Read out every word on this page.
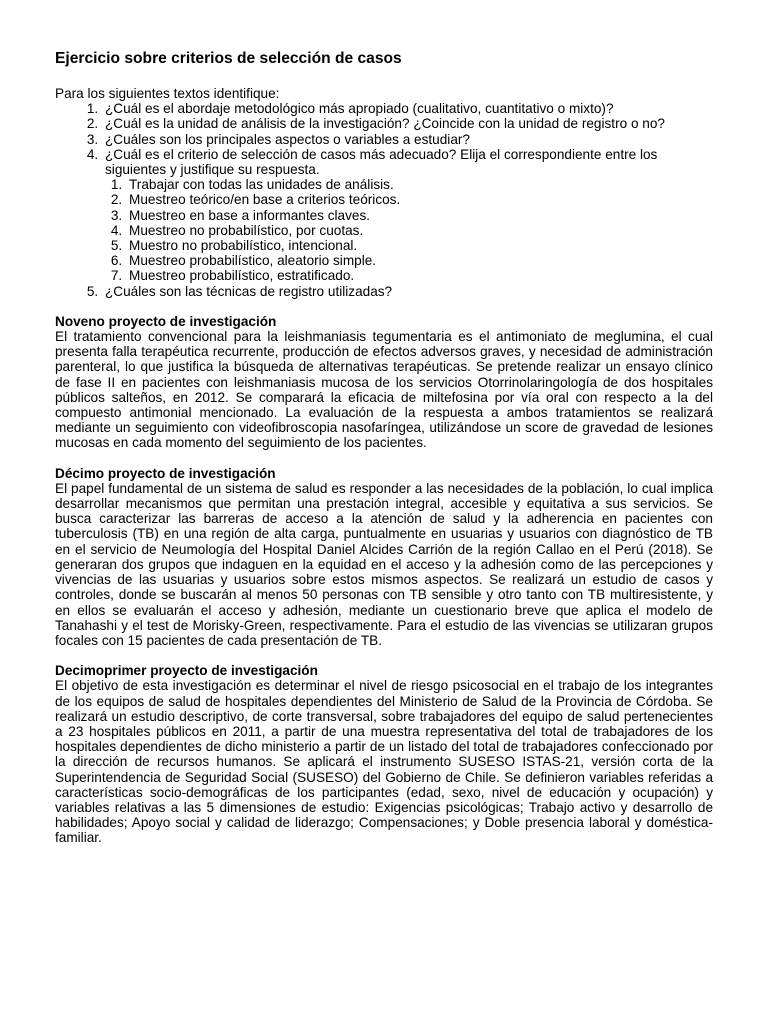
Ejercicio sobre criterios de selección de casos

Para los siguientes textos identifique:

1. ¿Cuál es el abordaje metodológico más apropiado (cualitativo, cuantitativo o mixto)?
2. ¿Cuál es la unidad de análisis de la investigación? ¿Coincide con la unidad de registro o no?
3. ¿Cuáles son los principales aspectos o variables a estudiar?
4. ¿Cuál es el criterio de selección de casos más adecuado? Elija el correspondiente entre los siguientes y justifique su respuesta.
1. Trabajar con todas las unidades de análisis.
2. Muestreo teórico/en base a criterios teóricos.
3. Muestreo en base a informantes claves.
4. Muestreo no probabilístico, por cuotas.
5. Muestro no probabilístico, intencional.
6. Muestreo probabilístico, aleatorio simple.
7. Muestreo probabilístico, estratificado.
5. ¿Cuáles son las técnicas de registro utilizadas?

Noveno proyecto de investigación

El tratamiento convencional para la leishmaniasis tegumentaria es el antimoniato de meglumina, el cual presenta falla terapéutica recurrente, producción de efectos adversos graves, y necesidad de administración parenteral, lo que justifica la búsqueda de alternativas terapéuticas. Se pretende realizar un ensayo clínico de fase II en pacientes con leishmaniasis mucosa de los servicios Otorrinolaringología de dos hospitales públicos salteños, en 2012. Se comparará la eficacia de miltefosina por vía oral con respecto a la del compuesto antimonial mencionado. La evaluación de la respuesta a ambos tratamientos se realizará mediante un seguimiento con videofibroscopia nasofaríngea, utilizándose un score de gravedad de lesiones mucosas en cada momento del seguimiento de los pacientes.

Décimo proyecto de investigación

El papel fundamental de un sistema de salud es responder a las necesidades de la población, lo cual implica desarrollar mecanismos que permitan una prestación integral, accesible y equitativa a sus servicios. Se busca caracterizar las barreras de acceso a la atención de salud y la adherencia en pacientes con tuberculosis (TB) en una región de alta carga, puntualmente en usuarias y usuarios con diagnóstico de TB en el servicio de Neumología del Hospital Daniel Alcides Carrión de la región Callao en el Perú (2018). Se generaran dos grupos que indaguen en la equidad en el acceso y la adhesión como de las percepciones y vivencias de las usuarias y usuarios sobre estos mismos aspectos. Se realizará un estudio de casos y controles, donde se buscarán al menos 50 personas con TB sensible y otro tanto con TB multiresistente, y en ellos se evaluarán el acceso y adhesión, mediante un cuestionario breve que aplica el modelo de Tanahashi y el test de Morisky-Green, respectivamente. Para el estudio de las vivencias se utilizaran grupos focales con 15 pacientes de cada presentación de TB.

Decimoprimer proyecto de investigación

El objetivo de esta investigación es determinar el nivel de riesgo psicosocial en el trabajo de los integrantes de los equipos de salud de hospitales dependientes del Ministerio de Salud de la Provincia de Córdoba. Se realizará un estudio descriptivo, de corte transversal, sobre trabajadores del equipo de salud pertenecientes a 23 hospitales públicos en 2011, a partir de una muestra representativa del total de trabajadores de los hospitales dependientes de dicho ministerio a partir de un listado del total de trabajadores confeccionado por la dirección de recursos humanos. Se aplicará el instrumento SUSESO ISTAS-21, versión corta de la Superintendencia de Seguridad Social (SUSESO) del Gobierno de Chile. Se definieron variables referidas a características socio-demográficas de los participantes (edad, sexo, nivel de educación y ocupación) y variables relativas a las 5 dimensiones de estudio: Exigencias psicológicas; Trabajo activo y desarrollo de habilidades; Apoyo social y calidad de liderazgo; Compensaciones; y Doble presencia laboral y doméstica-familiar.
